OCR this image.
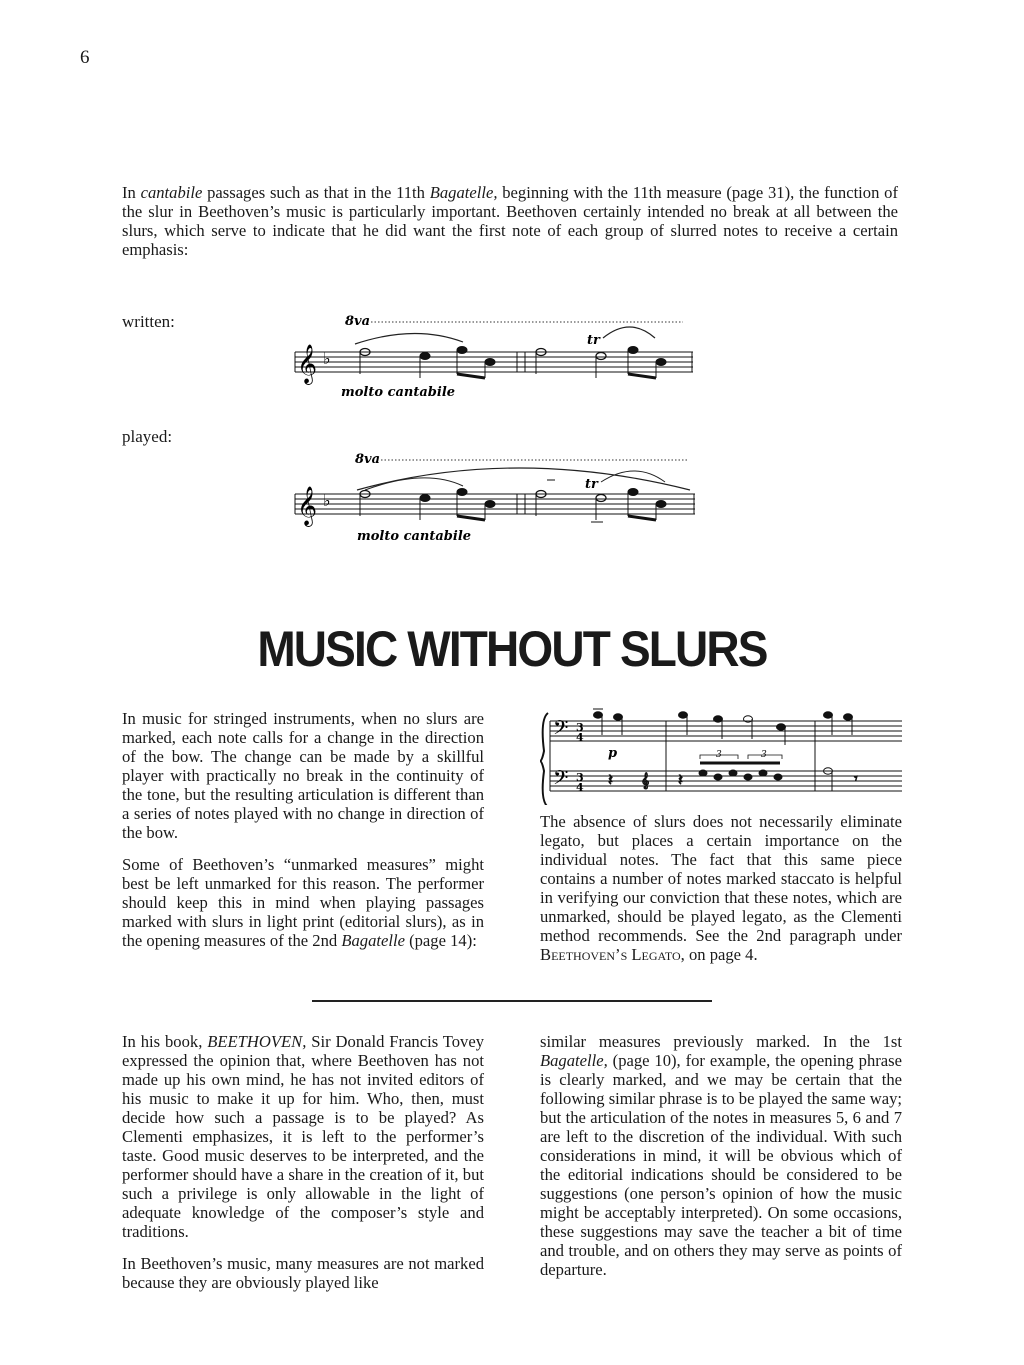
6
In cantabile passages such as that in the 11th Bagatelle, beginning with the 11th measure (page 31), the function of the slur in Beethoven’s music is particularly important. Beethoven certainly intended no break at all between the slurs, which serve to indicate that he did want the first note of each group of slurred notes to receive a certain emphasis:
written:	8va
tr
𝄞 ♭
molto cantabile
played:
8va
tr
𝄞 ♭
molto cantabile
MUSIC WITHOUT SLURS

In music for stringed instruments, when no slurs are marked, each note calls for a change in the direction of the bow. The change can be made by a skillful player with practically no break in the continuity of the tone, but the resulting articulation is different than a series of notes played with no change in direction of the bow.

Some of Beethoven’s “unmarked measures” might best be left unmarked for this reason. The performer should keep this in mind when playing passages marked with slurs in light print (editorial slurs), as in the opening measures of the 2nd Bagatelle (page 14):

𝄢
𝄢
3
4
3
4
p
𝄽 𝄞 𝄽	𝄾
3	3

The absence of slurs does not necessarily eliminate legato, but places a certain importance on the individual notes. The fact that this same piece contains a number of notes marked staccato is helpful in verifying our conviction that these notes, which are unmarked, should be played legato, as the Clementi method recommends. See the 2nd paragraph under Beethoven’s Legato, on page 4.

In his book, BEETHOVEN, Sir Donald Francis Tovey expressed the opinion that, where Beethoven has not made up his own mind, he has not invited editors of his music to make it up for him. Who, then, must decide how such a passage is to be played? As Clementi emphasizes, it is left to the performer’s taste. Good music deserves to be interpreted, and the performer should have a share in the creation of it, but such a privilege is only allowable in the light of adequate knowledge of the composer’s style and traditions.

In Beethoven’s music, many measures are not marked because they are obviously played like

similar measures previously marked. In the 1st Bagatelle, (page 10), for example, the opening phrase is clearly marked, and we may be certain that the following similar phrase is to be played the same way; but the articulation of the notes in measures 5, 6 and 7 are left to the discretion of the individual. With such considerations in mind, it will be obvious which of the editorial indications should be considered to be suggestions (one person’s opinion of how the music might be acceptably interpreted). On some occasions, these suggestions may save the teacher a bit of time and trouble, and on others they may serve as points of departure.
